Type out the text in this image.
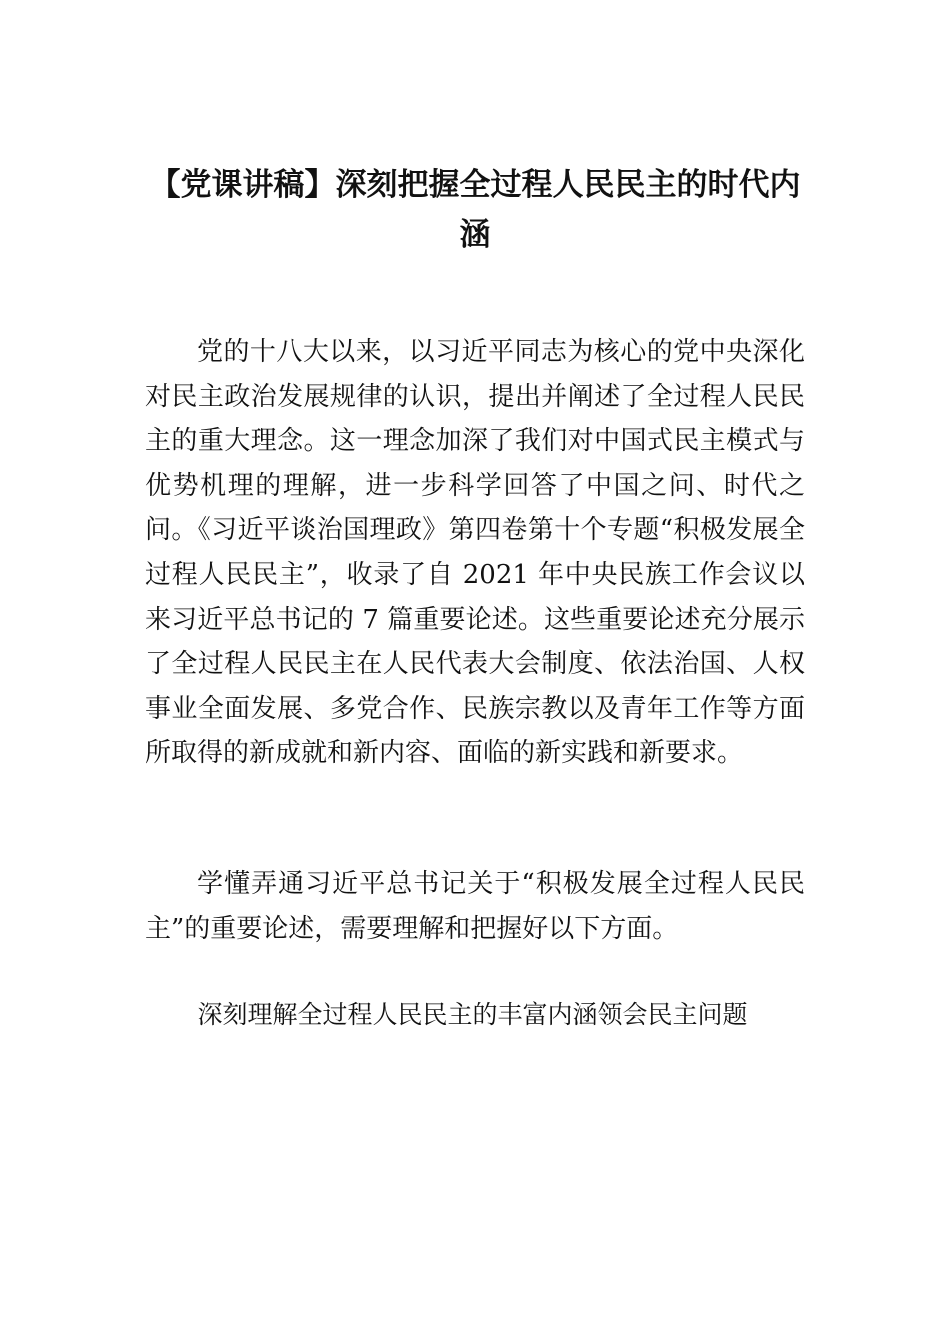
【党课讲稿】深刻把握全过程人民民主的时代内涵

党的十八大以来，以习近平同志为核心的党中央深化对民主政治发展规律的认识，提出并阐述了全过程人民民主的重大理念。这一理念加深了我们对中国式民主模式与优势机理的理解，进一步科学回答了中国之问、时代之问。《习近平谈治国理政》第四卷第十个专题“积极发展全过程人民民主”，收录了自 2021 年中央民族工作会议以来习近平总书记的 7 篇重要论述。这些重要论述充分展示了全过程人民民主在人民代表大会制度、依法治国、人权事业全面发展、多党合作、民族宗教以及青年工作等方面所取得的新成就和新内容、面临的新实践和新要求。

学懂弄通习近平总书记关于“积极发展全过程人民民主”的重要论述，需要理解和把握好以下方面。

深刻理解全过程人民民主的丰富内涵领会民主问题
